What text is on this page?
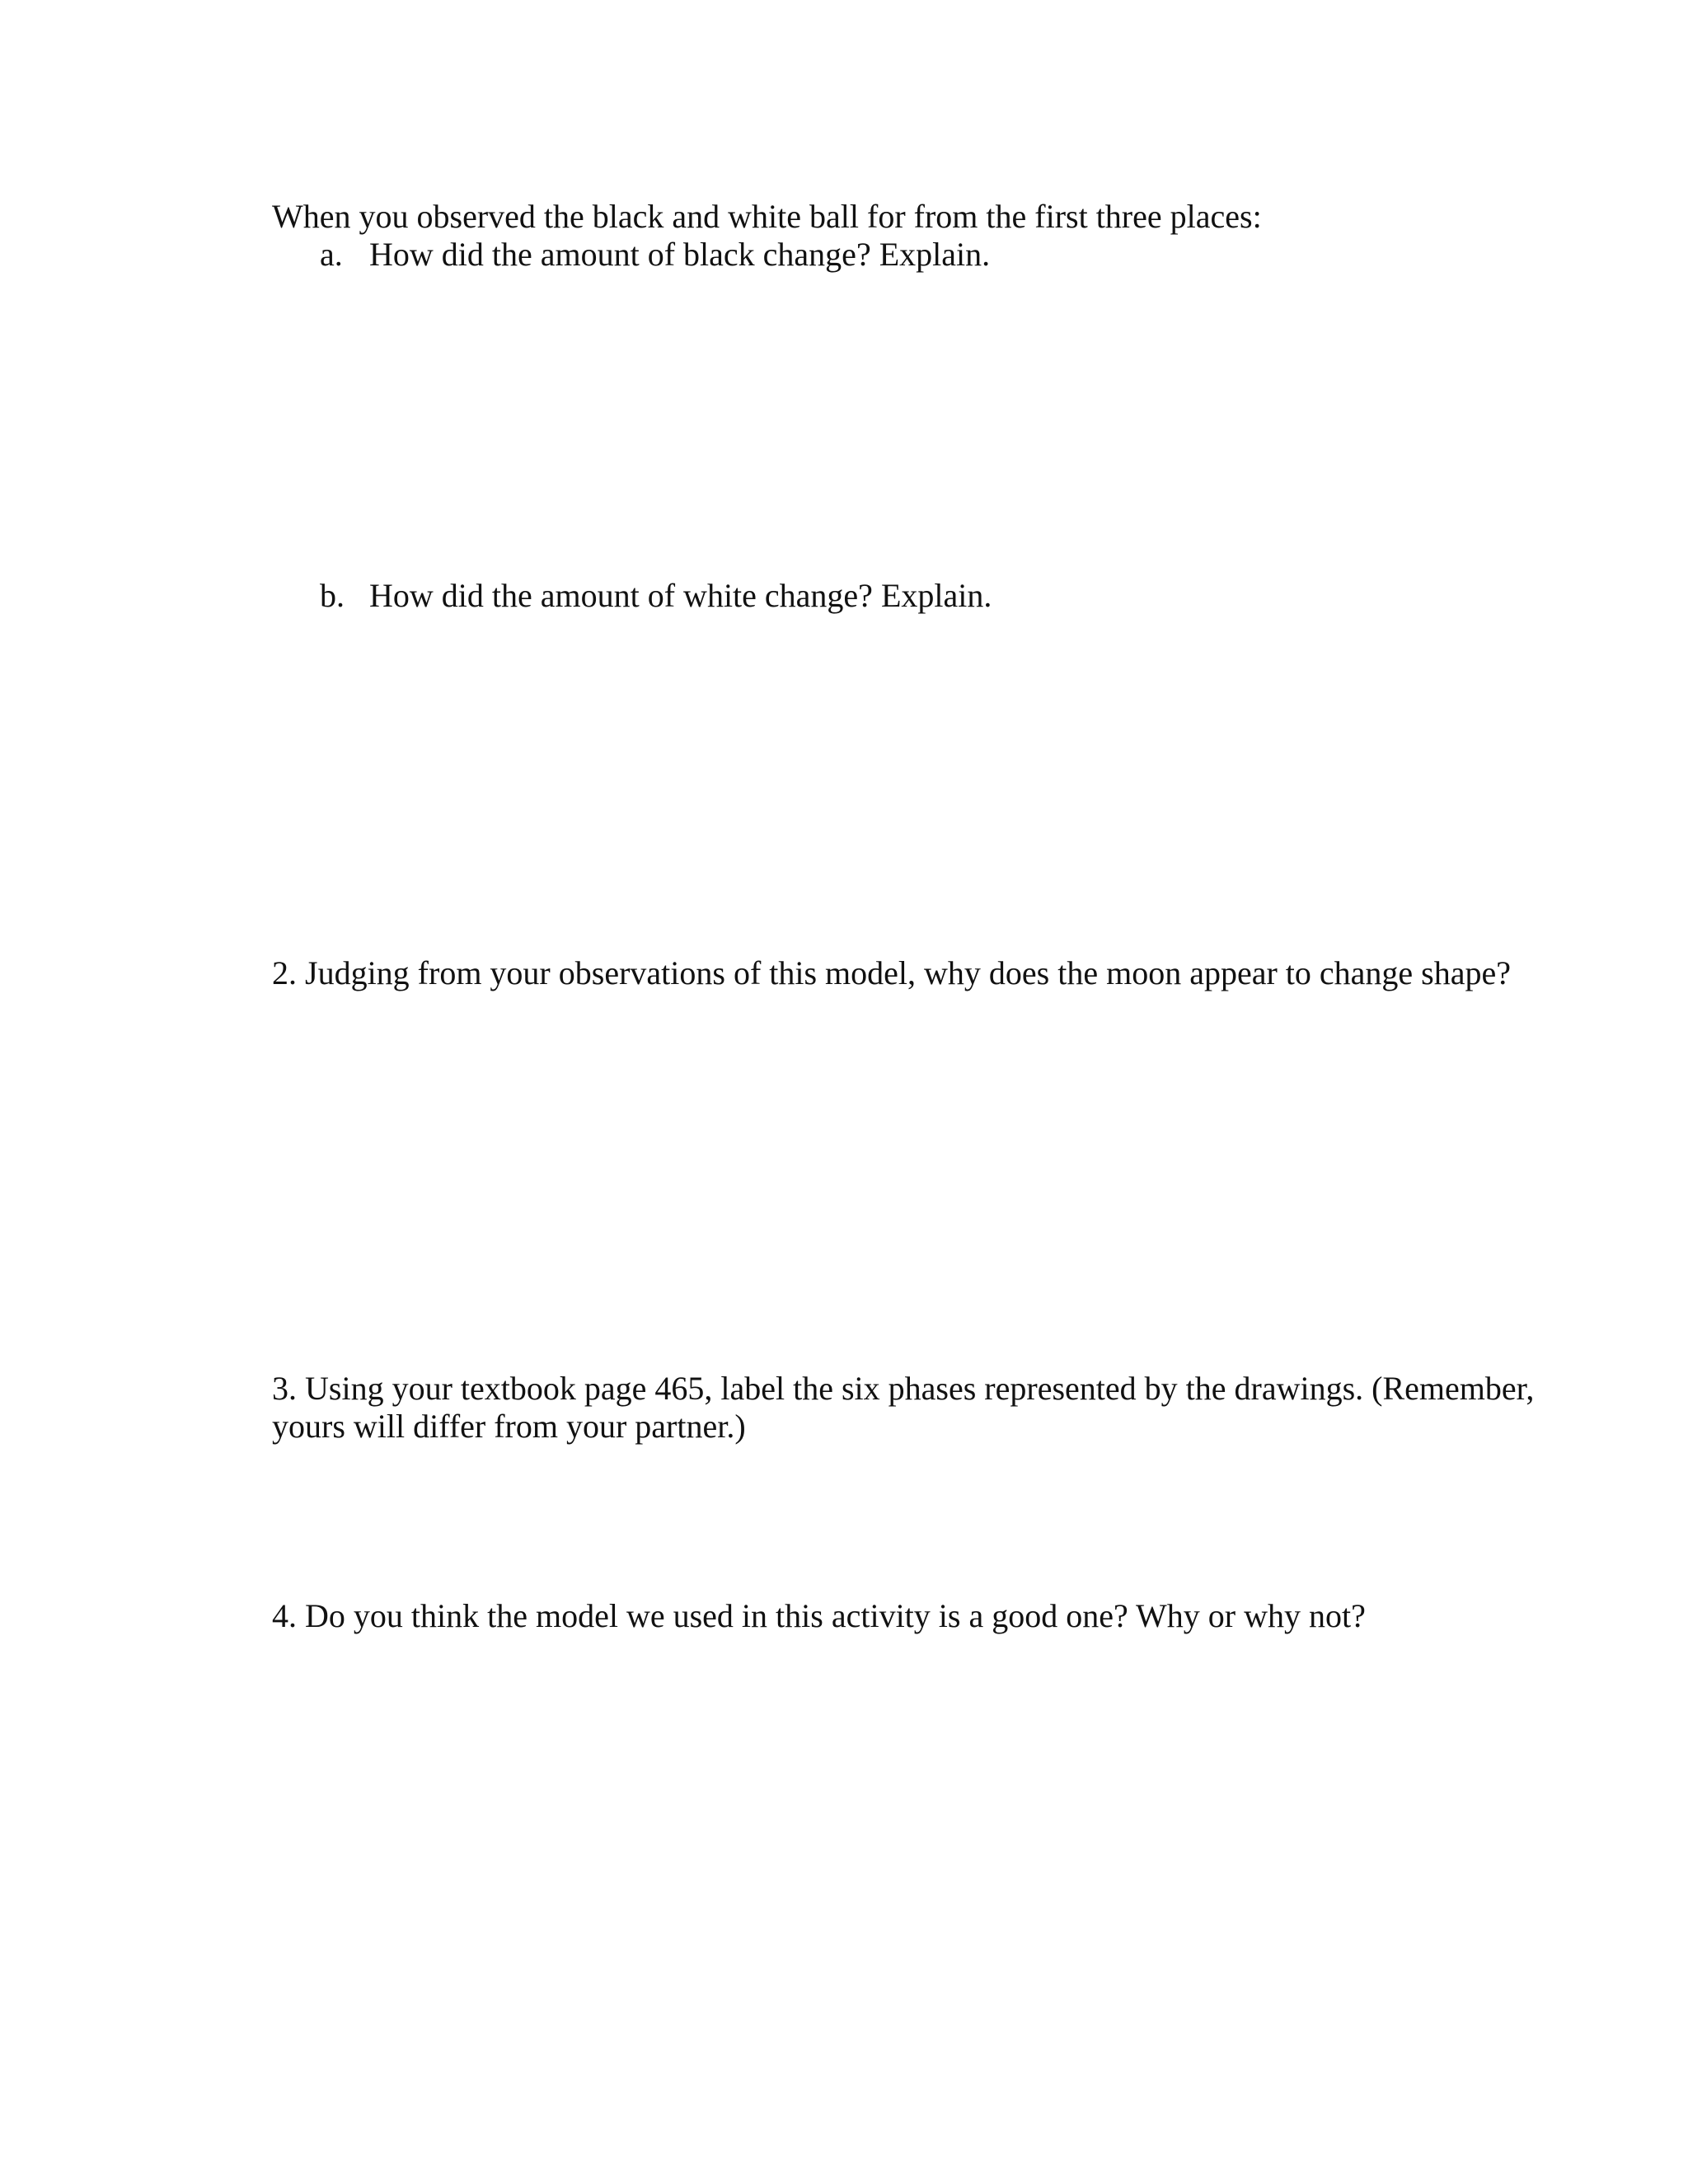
When you observed the black and white ball for from the first three places:
a. How did the amount of black change? Explain.
b. How did the amount of white change? Explain.
2. Judging from your observations of this model, why does the moon appear to change shape?
3. Using your textbook page 465, label the six phases represented by the drawings. (Remember,
yours will differ from your partner.)
4. Do you think the model we used in this activity is a good one? Why or why not?
